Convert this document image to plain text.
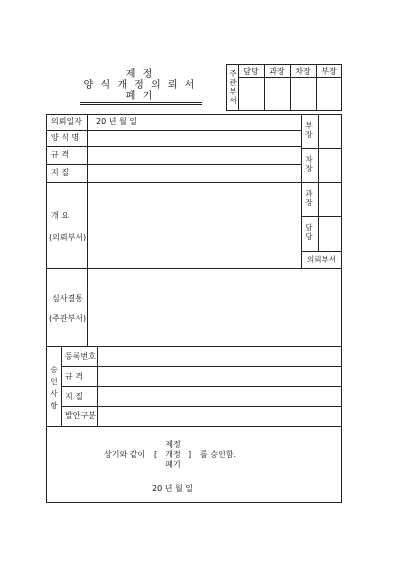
제 정
양 식 개 정 의 뢰 서
폐 기
주관부서
담당	과장	차장	부장
의뢰일자 20 년 월 일
양 식 명
규 격
지 질
개 요
(의뢰부서)
부장
차장
과장
담당
의뢰부서
심사결통
(주관부서)
승인사항
등록번호
규 격
지 질
발안구분
제정
상기와 같이 [	개정 ] 를 승인함.
폐기
20 년 월 일
